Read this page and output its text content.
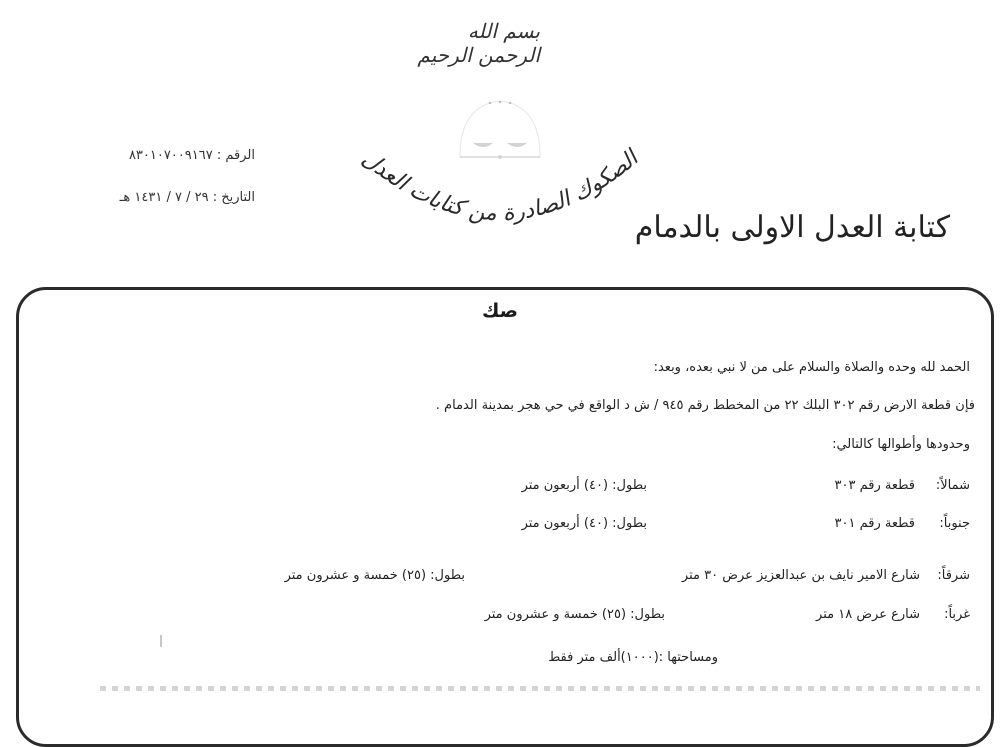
بسم الله الرحمن الرحيم
الصكوك الصادرة من كتابات العدل
كتابة العدل الاولى بالدمام
الرقم : ٨٣٠١٠٧٠٠٩١٦٧
التاريخ : ٢٩ / ٧ / ١٤٣١ هـ
صك
الحمد لله وحده والصلاة والسلام على من لا نبي بعده، وبعد:
فإن قطعة الارض رقم ٣٠٢ البلك ٢٢ من المخطط رقم ٩٤٥ / ش د الواقع في حي هجر بمدينة الدمام .
وحدودها وأطوالها كالتالي:
شمالاً:
قطعة رقم ٣٠٣
بطول: (٤٠) أربعون متر
جنوباً:
قطعة رقم ٣٠١
بطول: (٤٠) أربعون متر
شرقاً:
شارع الامير نايف بن عبدالعزيز عرض ٣٠ متر
بطول: (٢٥) خمسة و عشرون متر
غرباً:
شارع عرض ١٨ متر
بطول: (٢٥) خمسة و عشرون متر
ومساحتها :(١٠٠٠)ألف متر فقط
